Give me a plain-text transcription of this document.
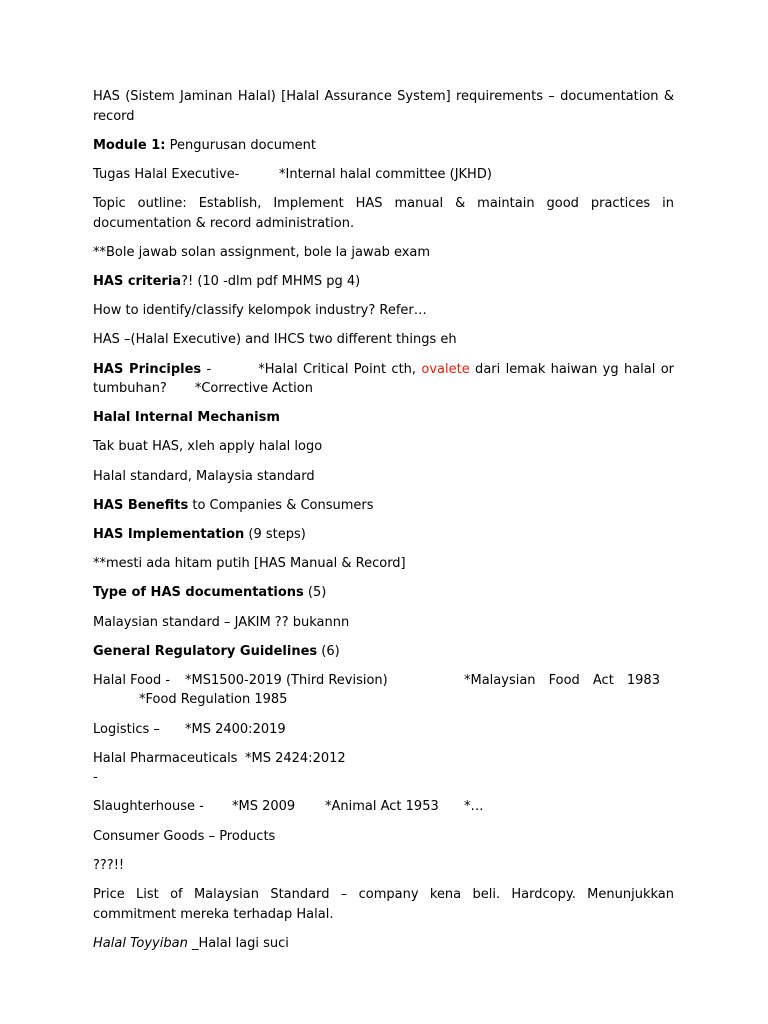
HAS (Sistem Jaminan Halal) [Halal Assurance System] requirements – documentation & record

Module 1: Pengurusan document

Tugas Halal Executive-	*Internal halal committee (JKHD)

Topic outline: Establish, Implement HAS manual & maintain good practices in documentation & record administration.

**Bole jawab solan assignment, bole la jawab exam

HAS criteria?! (10 -dlm pdf MHMS pg 4)

How to identify/classify kelompok industry? Refer…

HAS –(Halal Executive) and IHCS two different things eh

HAS Principles -	*Halal Critical Point cth, ovalete dari lemak haiwan yg halal or tumbuhan? *Corrective Action

Halal Internal Mechanism

Tak buat HAS, xleh apply halal logo

Halal standard, Malaysia standard

HAS Benefits to Companies & Consumers

HAS Implementation (9 steps)

**mesti ada hitam putih [HAS Manual & Record]

Type of HAS documentations (5)

Malaysian standard – JAKIM ?? bukannn

General Regulatory Guidelines (6)

Halal Food -	*MS1500-2019 (Third Revision)	*Malaysian Food Act 1983
*Food Regulation 1985

Logistics –	*MS 2400:2019

Halal Pharmaceuticals -
*MS 2424:2012

Slaughterhouse -	*MS 2009	*Animal Act 1953	*…

Consumer Goods – Products

???!!

Price List of Malaysian Standard – company kena beli. Hardcopy. Menunjukkan commitment mereka terhadap Halal.

Halal Toyyiban _Halal lagi suci
